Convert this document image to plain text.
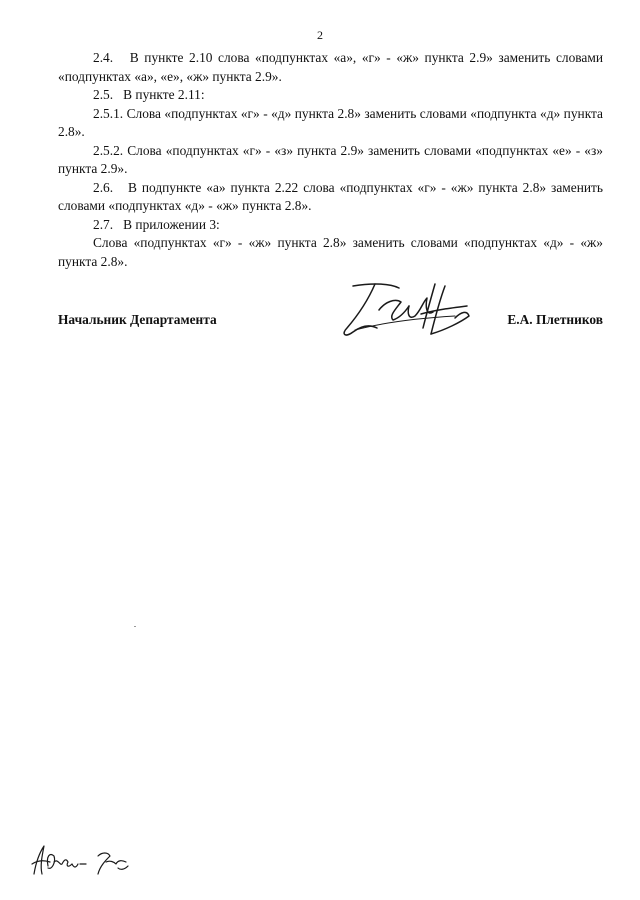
2

2.4.   В пункте 2.10 слова «подпунктах «а», «г» - «ж» пункта 2.9» заменить словами «подпунктах «а», «е», «ж» пункта 2.9».

2.5.   В пункте 2.11:

2.5.1. Слова «подпунктах «г» - «д» пункта 2.8» заменить словами «подпункта «д» пункта 2.8».

2.5.2. Слова «подпунктах «г» - «з» пункта 2.9» заменить словами «подпунктах «е» - «з» пункта 2.9».

2.6.   В подпункте «а» пункта 2.22 слова «подпунктах «г» - «ж» пункта 2.8» заменить словами «подпунктах «д» - «ж» пункта 2.8».

2.7.   В приложении 3:

Слова «подпунктах «г» - «ж» пункта 2.8» заменить словами «подпунктах «д» - «ж» пункта 2.8».

Начальник Департамента	Е.А. Плетников
